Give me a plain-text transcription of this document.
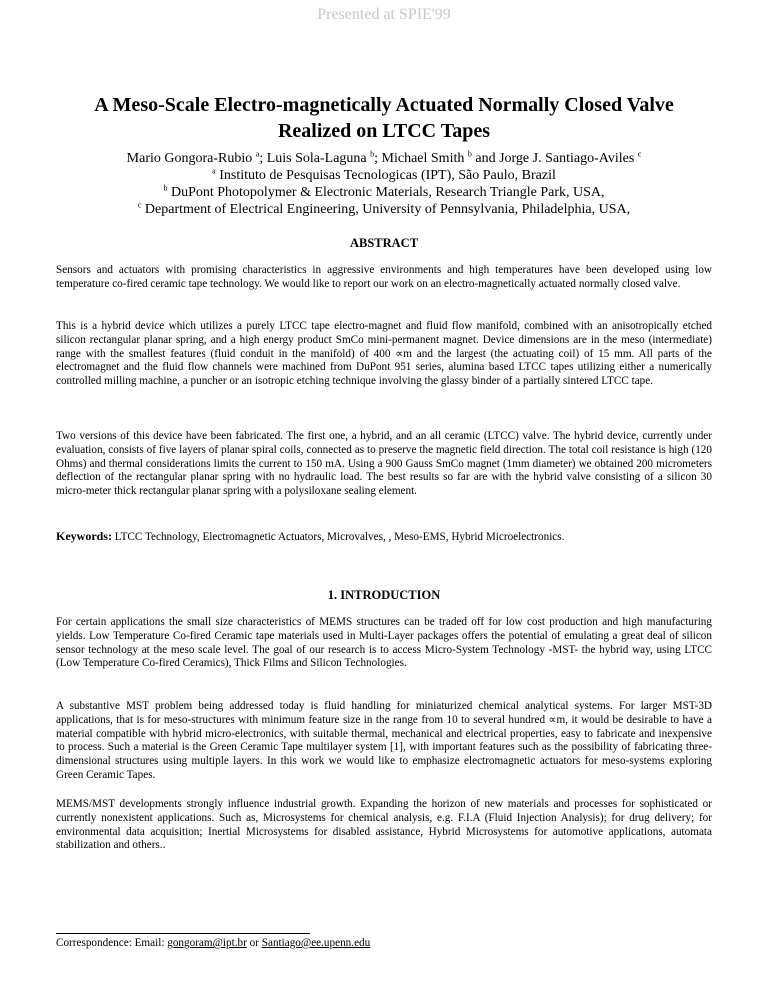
Presented at SPIE'99
A Meso-Scale Electro-magnetically Actuated Normally Closed Valve
Realized on LTCC Tapes
Mario Gongora-Rubio $^a$; Luis Sola-Laguna $^b$; Michael Smith $^b$ and Jorge J. Santiago-Aviles $^c$
$^a$ Instituto de Pesquisas Tecnologicas (IPT), São Paulo, Brazil
$^b$ DuPont Photopolymer & Electronic Materials, Research Triangle Park, USA,
$^c$ Department of Electrical Engineering, University of Pennsylvania, Philadelphia, USA,
ABSTRACT

Sensors and actuators with promising characteristics in aggressive environments and high temperatures have been developed using low temperature co-fired ceramic tape technology. We would like to report our work on an electro-magnetically actuated normally closed valve.

This is a hybrid device which utilizes a purely LTCC tape electro-magnet and fluid flow manifold, combined with an anisotropically etched silicon rectangular planar spring, and a high energy product SmCo mini-permanent magnet. Device dimensions are in the meso (intermediate) range with the smallest features (fluid conduit in the manifold) of 400 ∝m and the largest (the actuating coil) of 15 mm. All parts of the electromagnet and the fluid flow channels were machined from DuPont 951 series, alumina based LTCC tapes utilizing either a numerically controlled milling machine, a puncher or an isotropic etching technique involving the glassy binder of a partially sintered LTCC tape.

Two versions of this device have been fabricated. The first one, a hybrid, and an all ceramic (LTCC) valve. The hybrid device, currently under evaluation, consists of five layers of planar spiral coils, connected as to preserve the magnetic field direction. The total coil resistance is high (120 Ohms) and thermal considerations limits the current to 150 mA. Using a 900 Gauss SmCo magnet (1mm diameter) we obtained 200 micrometers deflection of the rectangular planar spring with no hydraulic load. The best results so far are with the hybrid valve consisting of a silicon 30 micro-meter thick rectangular planar spring with a polysiloxane sealing element.

Keywords: LTCC Technology, Electromagnetic Actuators, Microvalves, , Meso-EMS, Hybrid Microelectronics.
1. INTRODUCTION

For certain applications the small size characteristics of MEMS structures can be traded off for low cost production and high manufacturing yields. Low Temperature Co-fired Ceramic tape materials used in Multi-Layer packages offers the potential of emulating a great deal of silicon sensor technology at the meso scale level. The goal of our research is to access Micro-System Technology -MST- the hybrid way, using LTCC (Low Temperature Co-fired Ceramics), Thick Films and Silicon Technologies.

A substantive MST problem being addressed today is fluid handling for miniaturized chemical analytical systems. For larger MST-3D applications, that is for meso-structures with minimum feature size in the range from 10 to several hundred ∝m, it would be desirable to have a material compatible with hybrid micro-electronics, with suitable thermal, mechanical and electrical properties, easy to fabricate and inexpensive to process. Such a material is the Green Ceramic Tape multilayer system [1], with important features such as the possibility of fabricating three-dimensional structures using multiple layers. In this work we would like to emphasize electromagnetic actuators for meso-systems exploring Green Ceramic Tapes.

MEMS/MST developments strongly influence industrial growth. Expanding the horizon of new materials and processes for sophisticated or currently nonexistent applications. Such as, Microsystems for chemical analysis, e.g. F.I.A (Fluid Injection Analysis); for drug delivery; for environmental data acquisition; Inertial Microsystems for disabled assistance, Hybrid Microsystems for automotive applications, automata stabilization and others..

Correspondence: Email: gongoram@ipt.br or Santiago@ee.upenn.edu
